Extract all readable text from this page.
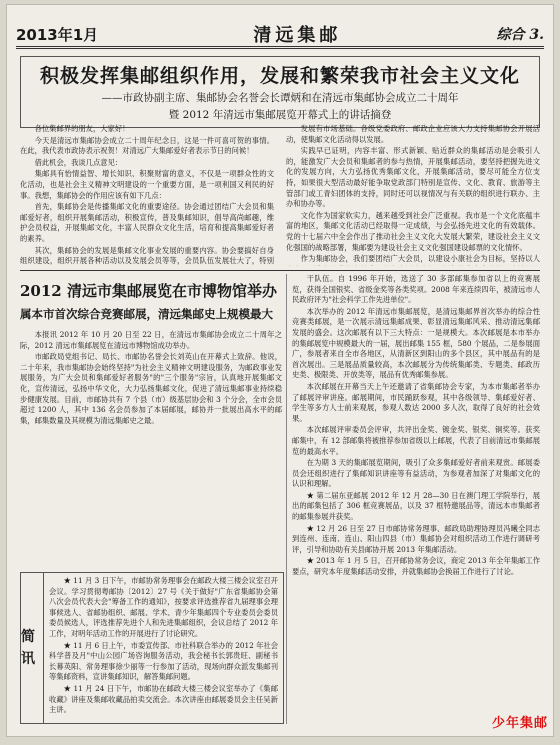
2013年1月	清远集邮	综合 3.
积极发挥集邮组织作用，发展和繁荣我市社会主义文化
——市政协副主席、集邮协会名誉会长谭炳和在清远市集邮协会成立二十周年
暨 2012 年清远市集邮展览开幕式上的讲话摘登

各位集邮界的朋友，大家好！

今天是清远市集邮协会成立二十周年纪念日，这是一件可喜可贺的事情。在此，我代表市政协表示祝贺！对清远广大集邮爱好者表示节日的问候！

借此机会，我谈几点意见：

集邮具有怡情益智、增长知识、积聚财富的意义，不仅是一项群众性的文化活动，也是社会主义精神文明建设的一个重要方面，是一项利国又利民的好事。我想，集邮协会的作用应该有如下几点：

首先，集邮协会是传播集邮文化的重要途径。协会通过团结广大会员和集邮爱好者，组织开展集邮活动，积极宣传，普及集邮知识，倡导高尚邮趣，维护会员权益，开展集邮文化，丰富人民群众文化生活，培育和提高集邮爱好者的素养。

其次，集邮协会的发展是集邮文化事业发展的重要内容。协会要搞好自身组织建设，组织开展各种活动以及发展会员等等，会员队伍发展壮大了，特别

发展有市场基础。各级党委政府、邮政企业应该大力支持集邮协会开展活动，使集邮文化活动得以发展。

实践早已证明，内容丰富、形式新颖、贴近群众的集邮活动是会吸引人的，能激发广大会员和集邮者的参与热情，开展集邮活动，要坚持把握先进文化的发展方向，大力弘扬优秀集邮文化，开展集邮活动，要尽可能全方位支持，如果很大型活动最好能争取党政部门特别是宣传、文化、教育、旅游等主管部门或工青妇团体的支持，同时还可以视情况与有关联的组织进行联办、主办和协办等。

文化作为国家软实力，越来越受到社会广泛重视。我市是一个文化底蕴丰富的地区，集邮文化活动已经取得一定成绩，与会弘扬先进文化的有效载体。党的十七届六中全会作出了推动社会主义文化大发展大繁荣，建设社会主义文化强国的战略部署，集邮要为建设社会主义文化强国建设邮票的文化情怀。

作为集邮协会，我们要团结广大会员，以建设小康社会为目标，坚持以人

2012 清远市集邮展览在市博物馆举办
属本市首次综合竞赛邮展，清远集邮史上规模最大

本报讯 2012 年 10 月 20 日至 22 日，在清远市集邮协会成立二十周年之际，2012 清远市集邮展览在清远市博物馆成功举办。

市邮政局党组书记、局长、市邮协名誉会长刘英山在开幕式上致辞。他说，二十年来，我市集邮协会始终坚持"为社会主义精神文明建设服务，为邮政事业发展服务，为广大会员和集邮爱好者服务"的"三个服务"宗旨，认真地开展集邮文化，宣传清远，弘扬中华文化，大力弘扬集邮文化，促进了清远集邮事业持续稳步健康发展。目前，市邮协共有 7 个县（市）级基层协会和 3 个分会，全市会员超过 1200 人，其中 136 名会员参加了本届邮展，邮协并一批展出高水平的邮集，邮集数量及其规模为清远集邮史之最。

干队伍。自 1996 年开始，选送了 30 多部邮集参加省以上的竞赛展览，获得全国银奖、省级金奖等各类奖项。2008 年来连续四年，被清远市人民政府评为"社会科学工作先进单位"。

本次举办的 2012 年清远市集邮展览，是清远集邮界首次举办的综合性竞赛类邮展，是一次展示清远集邮成果、彰显清远集邮风采、推动清远集邮发展的盛会。这次邮展有以下三大特点：一是规模大。本次邮展是本市举办的集邮展览中规模最大的一届，展出邮集 155 框，580 个展品，二是参展面广，参展者来自全市各地区，从清新区到阳山的多个县区，其中展品有的是首次展出。三是展品质量较高，本次邮展分为传统集邮类、专题类、邮政历史类、极限类、开放类等，展品有优秀邮集参展。

本次邮展在开幕当天上午还邀请了省集邮协会专家，为本市集邮者举办了邮展评审讲座。邮展期间，市民踊跃参观，其中各级领导、集邮爱好者、学生等多方人士前来观展，参观人数达 2000 多人次，取得了良好的社会效果。

本次邮展评审委员会评审，共评出金奖、镀金奖、银奖、铜奖等。获奖邮集中，有 12 部邮集将被推荐参加省级以上邮展，代表了目前清远市集邮展览的最高水平。

在为期 3 天的集邮展览期间，吸引了众多集邮爱好者前来观赏。邮展委员会还组织进行了集邮知识讲座等有益活动，为参观者加深了对集邮文化的认识和理解。

★ 第二届东亚邮展 2012 年 12 月 28—30 日在澳门理工学院举行，展出的邮集包括了 306 框竞赛展品，以及 37 框特邀展品等，清远本市集邮者的邮集参展并获奖。

★ 12 月 26 日至 27 日市邮协常务理事、邮政局助理协理员冯曦全同志到连州、连南、连山、阳山四县（市）集邮协会对组织活动工作进行调研考评，引导和协助有关县邮协开展 2013 年集邮活动。

★ 2013 年 1 月 5 日，召开邮协常务会议，商定 2013 年全年集邮工作要点，研究本年度集邮活动安排，并就集邮协会换届工作进行了讨论。

简讯

★ 11 月 3 日下午，市邮协常务理事会在邮政大楼三楼会议室召开会议。学习贯彻粤邮协〔2012〕27 号《关于做好"广东省集邮协会第八次会员代表大会"筹备工作的通知》，按要求评选推荐省九届理事会理事候选人、省邮协组织、邮展、学术、青少年集邮四个专业委员会委员委员候选人，评选推荐先进个人和先进集邮组织，会议总结了 2012 年工作，对明年活动工作的开展进行了讨论研究。

★ 11 月 6 日上午，市委宣传部、市社科联合举办的 2012 年社会科学普及月"中山公园广场咨询服务活动，我会秘书长郭贵旺、副秘书长幕英阳、常务理事徐少丽等一行参加了活动，现场向群众派发集邮刊等集邮资料，宣讲集邮知识，解答集邮问题。

★ 11 月 24 日下午，市邮协在邮政大楼三楼会议室举办了《集邮收藏》讲座及集邮收藏品拍卖交流会。本次讲座由邮展委员会主任吴新主讲。

少年集邮
